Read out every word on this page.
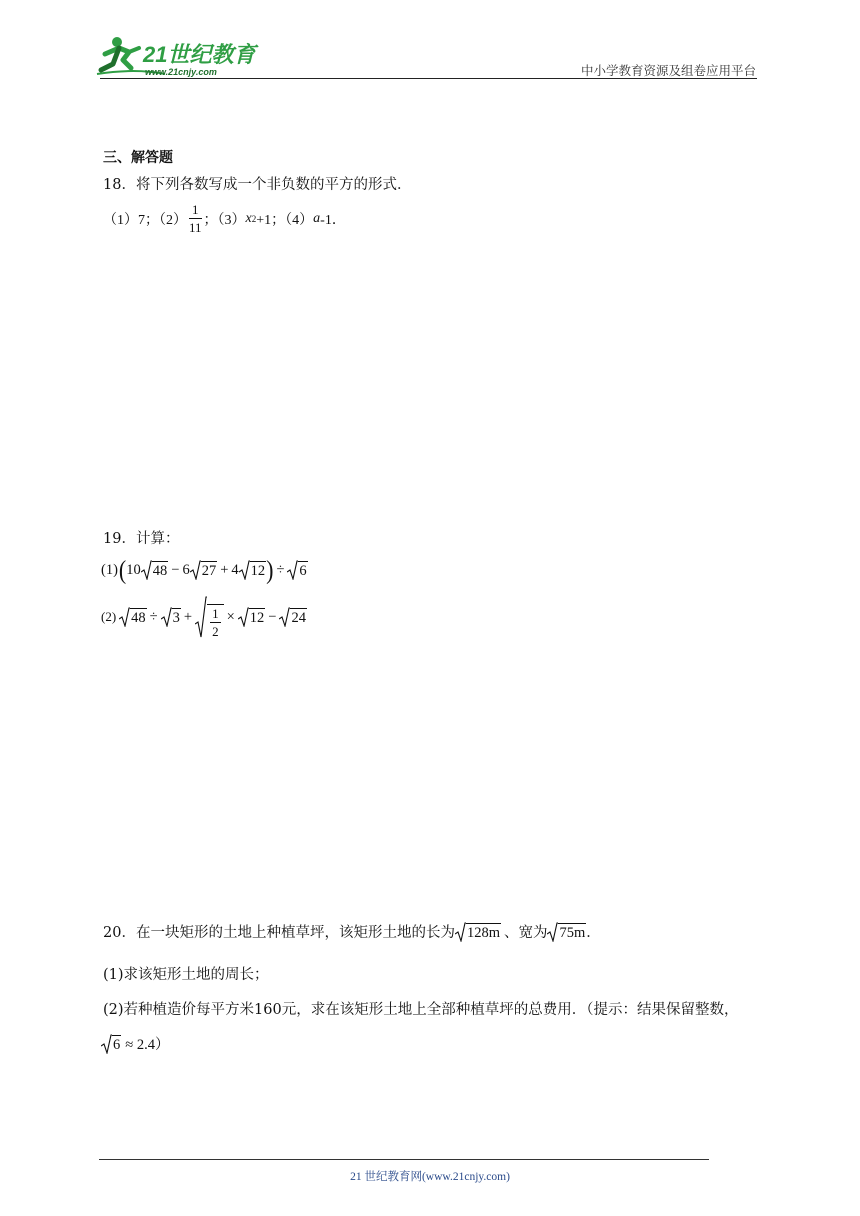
21世纪教育
www.21cnjy.com	中小学教育资源及组卷应用平台
三、解答题
18．将下列各数写成一个非负数的平方的形式．
（1）7；$(2) \frac{1}{11}$ ；（3） x 2 +1；（4） a -1．
19．计算：
(1) ( 10 48 − 6 27 + 4 12 ) ÷ 6
(2) $48 \div 3 + \frac{1}{2} \times 12 - 24$
20．在一块矩形的土地上种植草坪，该矩形土地的长为 128m 、宽为 75m ．
(1)求该矩形土地的周长；
(2)若种植造价每平方米160元，求在该矩形土地上全部种植草坪的总费用．（提示：结果保留整数，
6 ≈ 2.4）
21 世纪教育网(www.21cnjy.com)
